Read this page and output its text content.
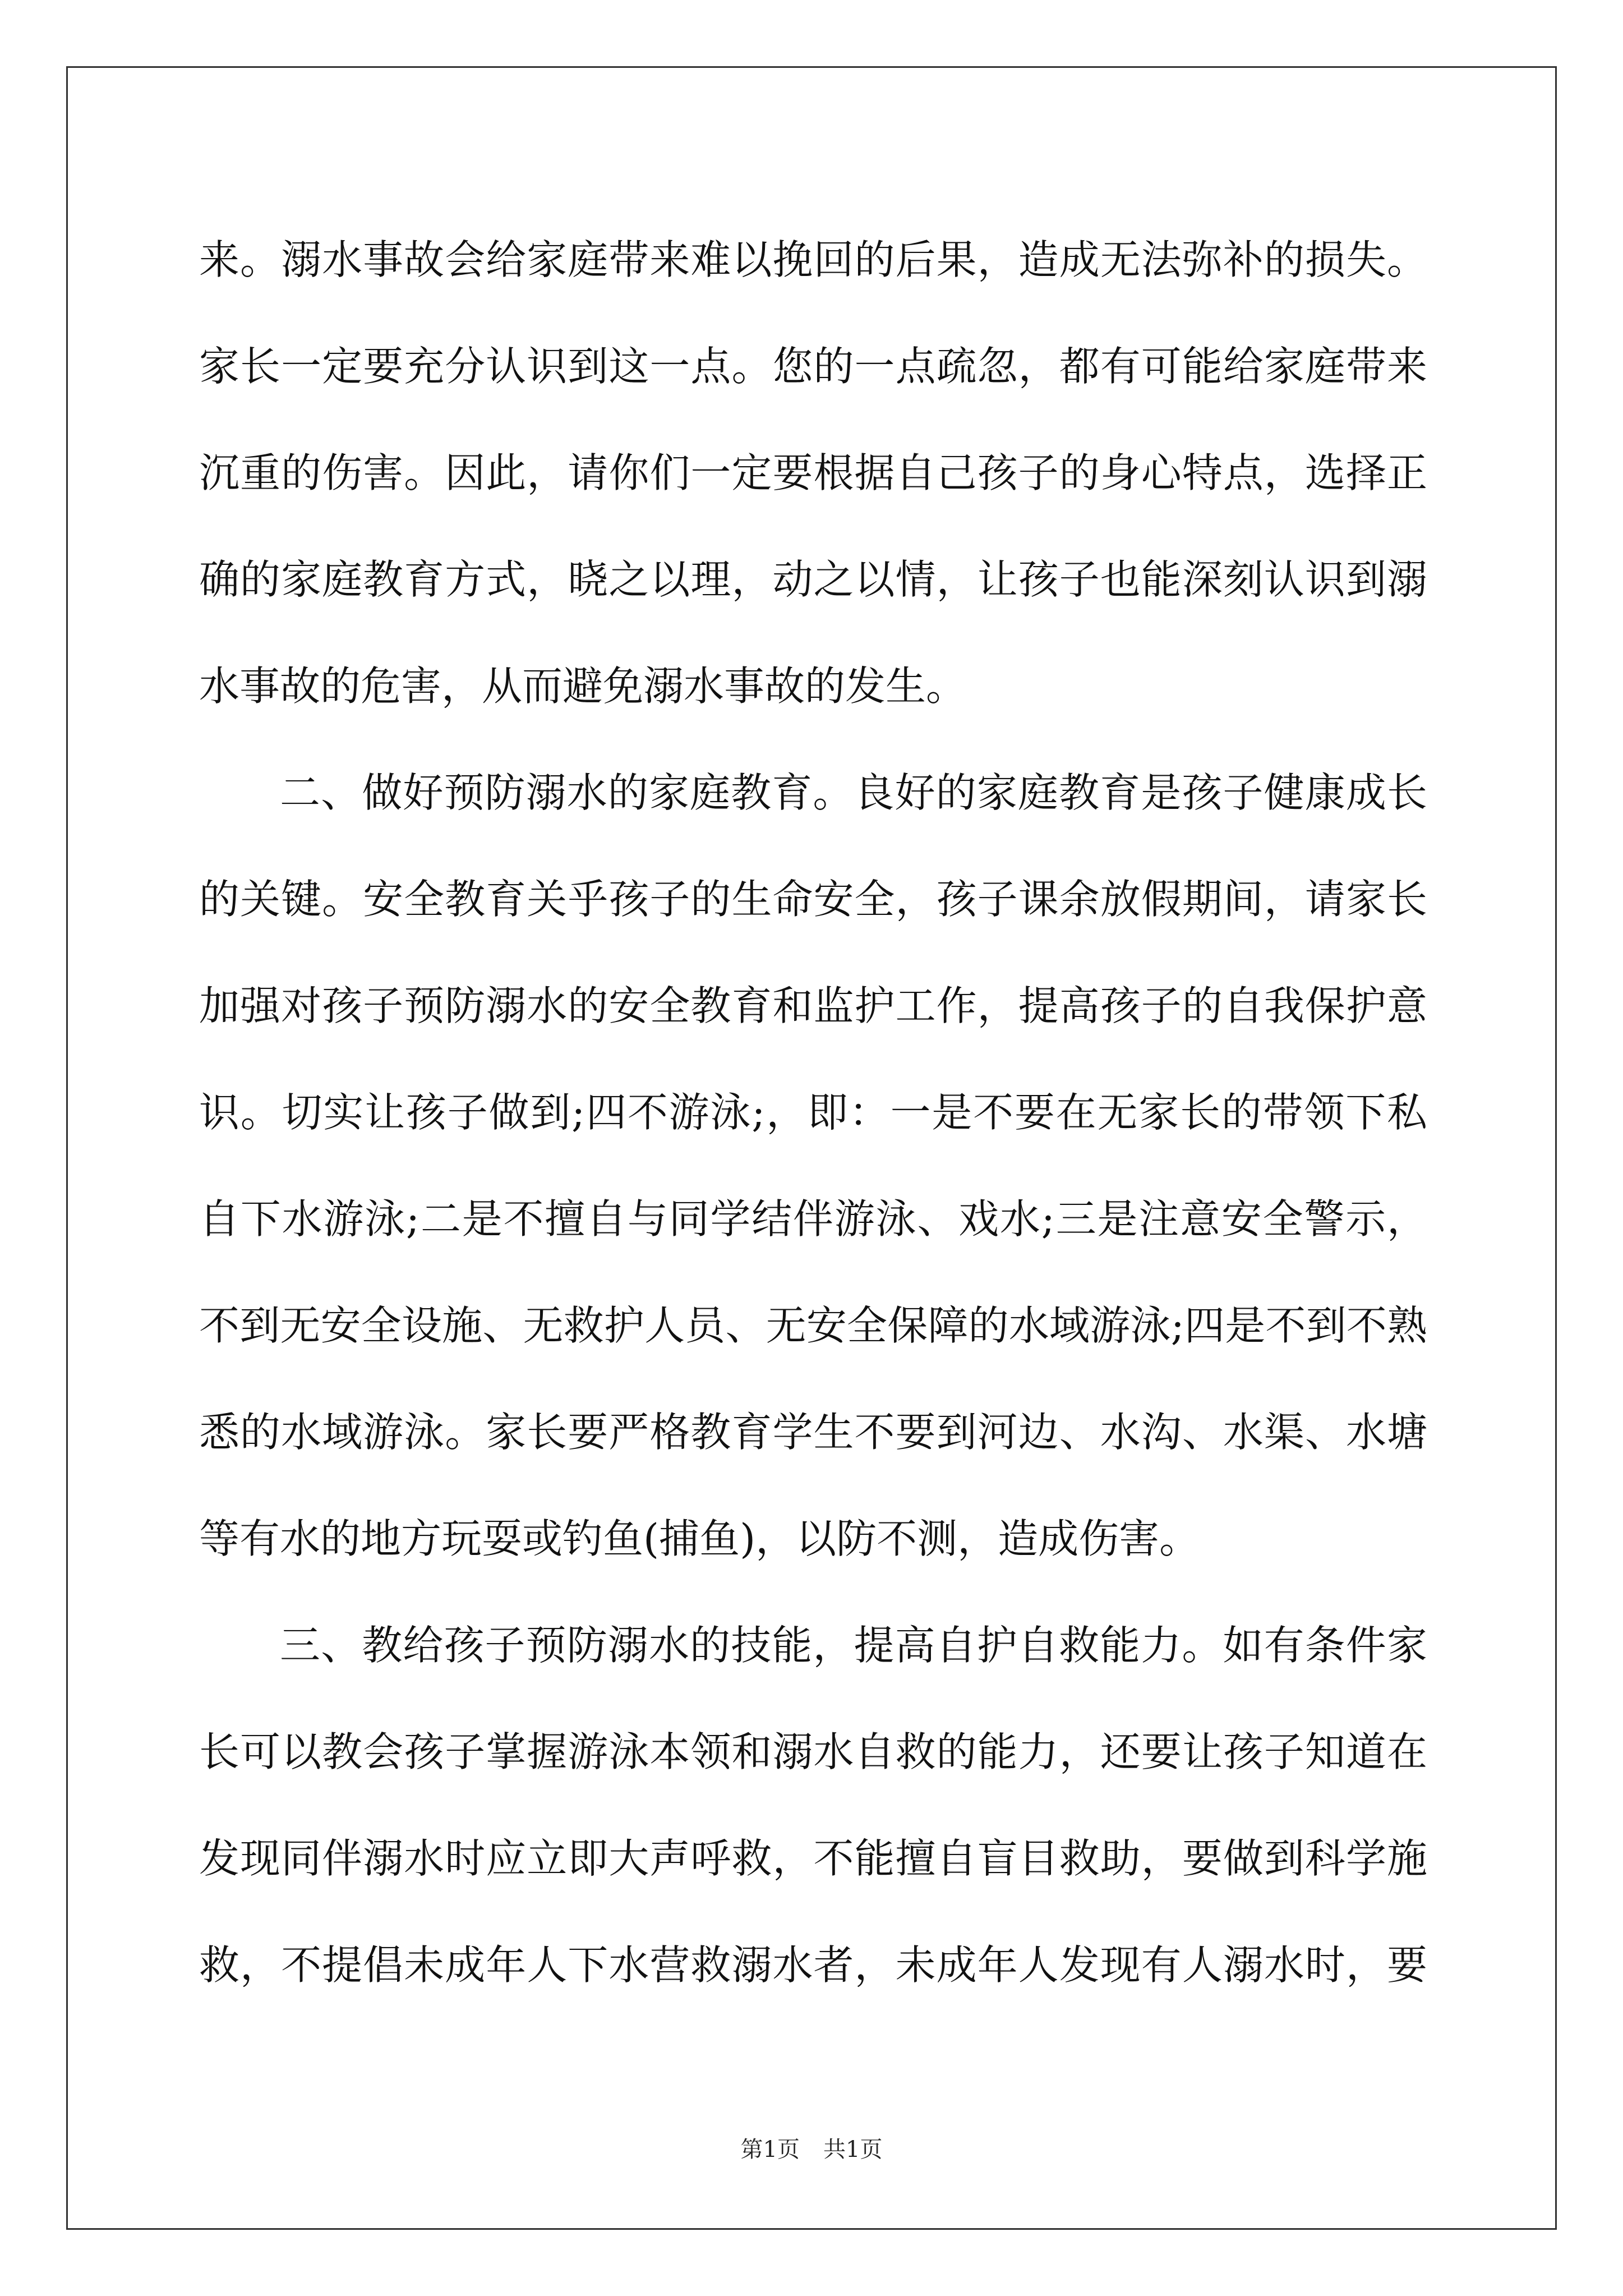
来。溺水事故会给家庭带来难以挽回的后果，造成无法弥补的损失。
家长一定要充分认识到这一点。您的一点疏忽，都有可能给家庭带来
沉重的伤害。因此，请你们一定要根据自己孩子的身心特点，选择正
确的家庭教育方式，晓之以理，动之以情，让孩子也能深刻认识到溺
水事故的危害，从而避免溺水事故的发生。
二、做好预防溺水的家庭教育。良好的家庭教育是孩子健康成长
的关键。安全教育关乎孩子的生命安全，孩子课余放假期间，请家长
加强对孩子预防溺水的安全教育和监护工作，提高孩子的自我保护意
识。切实让孩子做到;四不游泳;，即：一是不要在无家长的带领下私
自下水游泳;二是不擅自与同学结伴游泳、戏水;三是注意安全警示，
不到无安全设施、无救护人员、无安全保障的水域游泳;四是不到不熟
悉的水域游泳。家长要严格教育学生不要到河边、水沟、水渠、水塘
等有水的地方玩耍或钓鱼(捕鱼)，以防不测，造成伤害。
三、教给孩子预防溺水的技能，提高自护自救能力。如有条件家
长可以教会孩子掌握游泳本领和溺水自救的能力，还要让孩子知道在
发现同伴溺水时应立即大声呼救，不能擅自盲目救助，要做到科学施
救，不提倡未成年人下水营救溺水者，未成年人发现有人溺水时，要
第1页 共1页
